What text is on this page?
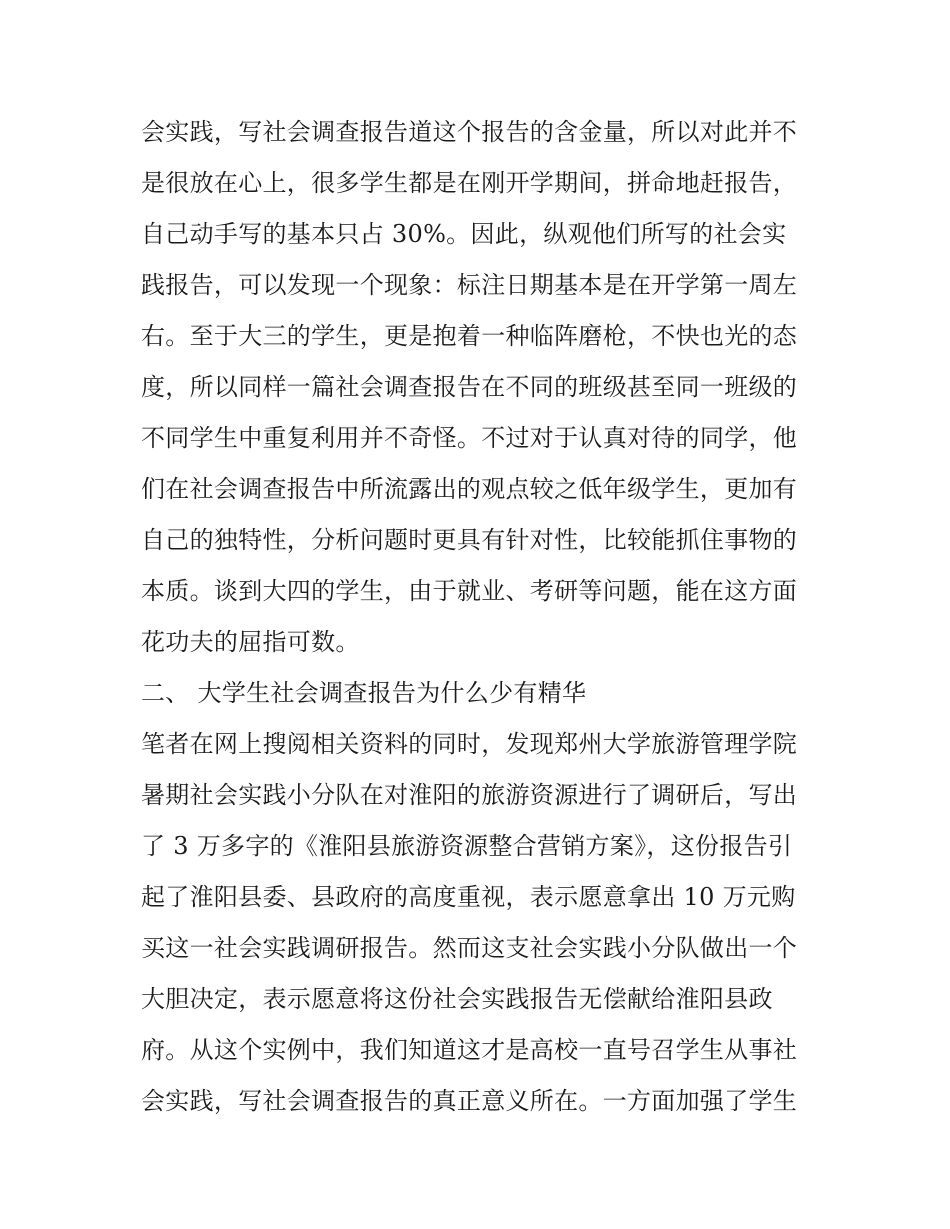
会实践，写社会调查报告道这个报告的含金量，所以对此并不
是很放在心上，很多学生都是在刚开学期间，拼命地赶报告，
自己动手写的基本只占 30%。因此，纵观他们所写的社会实
践报告，可以发现一个现象：标注日期基本是在开学第一周左
右。至于大三的学生，更是抱着一种临阵磨枪，不快也光的态
度，所以同样一篇社会调查报告在不同的班级甚至同一班级的
不同学生中重复利用并不奇怪。不过对于认真对待的同学，他
们在社会调查报告中所流露出的观点较之低年级学生，更加有
自己的独特性，分析问题时更具有针对性，比较能抓住事物的
本质。谈到大四的学生，由于就业、考研等问题，能在这方面
花功夫的屈指可数。
二、 大学生社会调查报告为什么少有精华
笔者在网上搜阅相关资料的同时，发现郑州大学旅游管理学院
暑期社会实践小分队在对淮阳的旅游资源进行了调研后，写出
了 3 万多字的《淮阳县旅游资源整合营销方案》，这份报告引
起了淮阳县委、县政府的高度重视，表示愿意拿出 10 万元购
买这一社会实践调研报告。然而这支社会实践小分队做出一个
大胆决定，表示愿意将这份社会实践报告无偿献给淮阳县政
府。从这个实例中，我们知道这才是高校一直号召学生从事社
会实践，写社会调查报告的真正意义所在。一方面加强了学生
